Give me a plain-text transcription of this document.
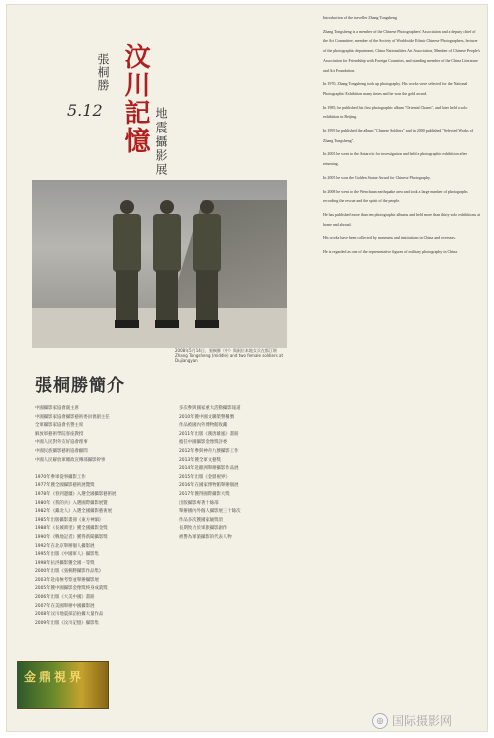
汶川記憶
張桐勝
5.12	地震攝影展
2008年5月14日，張桐勝（中）與兩位本地女兵在都江堰 Zhang Tongsheng (middle) and two female soldiers at Dujiangyan
張桐勝簡介
中國攝影家協會副主席
中國攝影家協會攝影藝術委員會副主任
全軍攝影家協會名譽主席
解放軍藝術學院客座教授
中國人民對外友好協會理事
中國民族攝影藝術協會顧問
中國人民解放軍總政宣傳部攝影幹事

1970年參軍從事攝影工作
1977年獲全國攝影藝術展覽獎
1978年《春到邊疆》入選全國攝影藝術展
1980年《我的兵》入選國際攝影展覽
1982年《藏北人》入選全國攝影藝術展
1985年出版攝影畫冊《東方神韻》
1988年《長城萬里》獲全國攝影金獎
1990年《戰地記者》獲得新聞攝影獎
1992年在北京舉辦個人攝影展
1995年出版《中國軍人》攝影集
1998年抗洪攝影獲全國一等獎
2000年出版《張桐勝攝影作品集》
2003年赴南極考察並舉辦攝影展
2005年獲中國攝影金像獎終身成就獎
2006年出版《大美中國》畫冊
2007年在美國舉辦中國攝影展
2008年汶川地震採訪拍攝大量作品
2009年出版《汶川記憶》攝影集
多次參與國家重大活動攝影報道
2010年獲中國文聯榮譽稱號
作品被國內外博物館收藏
2011年出版《漢唐雄風》畫冊
擔任中國攝影金像獎評委
2012年參與神舟九號攝影工作
2013年獲全軍文藝獎
2014年赴歐洲舉辦攝影作品展
2015年出版《金鼎視界》
2016年在國家博物館舉辦個展
2017年獲得國際攝影大獎
出版攝影專著十餘部
舉辦國內外個人攝影展三十餘次
作品多次獲國家級獎項
長期致力於軍旅攝影創作
被譽為軍旅攝影的代表人物
金鼎視界

Introduction of the traveller Zhang Tongsheng

Zhang Tongsheng is a member of the Chinese Photographers' Association and a deputy chief of the Art Committee, member of the Society of Worldwide Ethnic Chinese Photographers, lecturer of the photographic department, China Nationalities Art Association, Member of Chinese People's Association for Friendship with Foreign Countries, and standing member of the China Literature and Art Foundation.

In 1970, Zhang Tongsheng took up photography. His works were selected for the National Photographic Exhibition many times and he won the gold award.

In 1985, he published his first photographic album "Oriental Charm", and later held a solo exhibition in Beijing.

In 1995 he published the album "Chinese Soldiers" and in 2000 published "Selected Works of Zhang Tongsheng".

In 2003 he went to the Antarctic for investigation and held a photographic exhibition after returning.

In 2005 he won the Golden Statue Award for Chinese Photography.

In 2008 he went to the Wenchuan earthquake area and took a large number of photographs recording the rescue and the spirit of the people.

He has published more than ten photographic albums and held more than thirty solo exhibitions at home and abroad.

His works have been collected by museums and institutions in China and overseas.

He is regarded as one of the representative figures of military photography in China.

◎ 国际摄影网
